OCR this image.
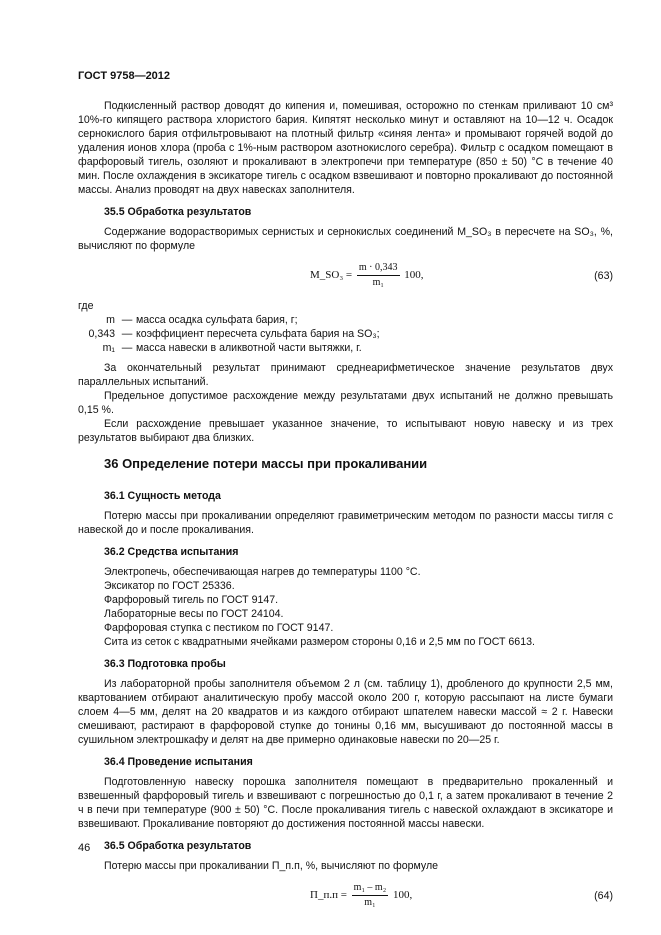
ГОСТ 9758—2012

Подкисленный раствор доводят до кипения и, помешивая, осторожно по стенкам приливают 10 см³ 10%-го кипящего раствора хлористого бария. Кипятят несколько минут и оставляют на 10—12 ч. Осадок сернокислого бария отфильтровывают на плотный фильтр «синяя лента» и промывают горячей водой до удаления ионов хлора (проба с 1%-ным раствором азотнокислого серебра). Фильтр с осадком помещают в фарфоровый тигель, озоляют и прокаливают в электропечи при температуре (850 ± 50) °С в течение 40 мин. После охлаждения в эксикаторе тигель с осадком взвешивают и повторно прокаливают до постоянной массы. Анализ проводят на двух навесках заполнителя.

35.5 Обработка результатов

Содержание водорастворимых сернистых и сернокислых соединений M_SO₃ в пересчете на SO₃, %, вычисляют по формуле

M_SO₃ = $\frac{m \cdot 0,343}{\text{m₁}} 100$,	(63)
где
m — масса осадка сульфата бария, г;
0,343 — коэффициент пересчета сульфата бария на SO₃;
m₁ — масса навески в аликвотной части вытяжки, г.

За окончательный результат принимают среднеарифметическое значение результатов двух параллельных испытаний.

Предельное допустимое расхождение между результатами двух испытаний не должно превышать 0,15 %.

Если расхождение превышает указанное значение, то испытывают новую навеску и из трех результатов выбирают два близких.

36 Определение потери массы при прокаливании
36.1 Сущность метода

Потерю массы при прокаливании определяют гравиметрическим методом по разности массы тигля с навеской до и после прокаливания.

36.2 Средства испытания

Электропечь, обеспечивающая нагрев до температуры 1100 °С.

Эксикатор по ГОСТ 25336.

Фарфоровый тигель по ГОСТ 9147.

Лабораторные весы по ГОСТ 24104.

Фарфоровая ступка с пестиком по ГОСТ 9147.

Сита из сеток с квадратными ячейками размером стороны 0,16 и 2,5 мм по ГОСТ 6613.

36.3 Подготовка пробы

Из лабораторной пробы заполнителя объемом 2 л (см. таблицу 1), дробленого до крупности 2,5 мм, квартованием отбирают аналитическую пробу массой около 200 г, которую рассыпают на листе бумаги слоем 4—5 мм, делят на 20 квадратов и из каждого отбирают шпателем навески массой ≈ 2 г. Навески смешивают, растирают в фарфоровой ступке до тонины 0,16 мм, высушивают до постоянной массы в сушильном электрошкафу и делят на две примерно одинаковые навески по 20—25 г.

36.4 Проведение испытания

Подготовленную навеску порошка заполнителя помещают в предварительно прокаленный и взвешенный фарфоровый тигель и взвешивают с погрешностью до 0,1 г, а затем прокаливают в течение 2 ч в печи при температуре (900 ± 50) °С. После прокаливания тигель с навеской охлаждают в эксикаторе и взвешивают. Прокаливание повторяют до достижения постоянной массы навески.

36.5 Обработка результатов

Потерю массы при прокаливании П_п.п, %, вычисляют по формуле

П_п.п = $\frac{\text{m₁ – m₂}}{\text{m₁}} 100$,	(64)
46
